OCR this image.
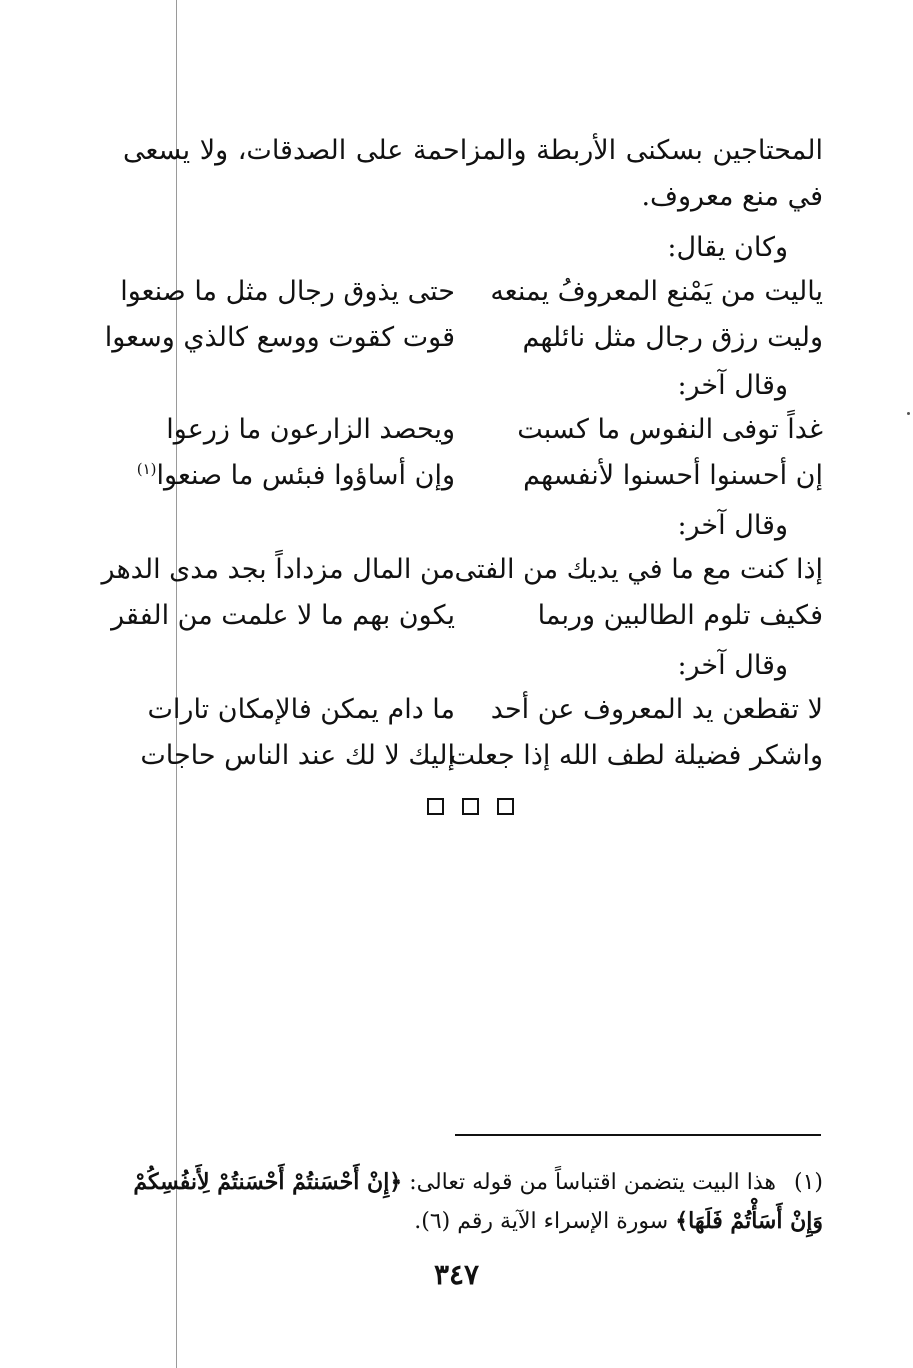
المحتاجين بسكنى الأربطة والمزاحمة على الصدقات، ولا يسعى في منع معروف.

وكان يقال:
ياليت من يَمْنع المعروفُ يمنعه
حتى يذوق رجال مثل ما صنعوا
وليت رزق رجال مثل نائلهم
قوت كقوت ووسع كالذي وسعوا
وقال آخر:
غداً توفى النفوس ما كسبت
ويحصد الزارعون ما زرعوا
إن أحسنوا أحسنوا لأنفسهم
وإن أساؤوا فبئس ما صنعوا$^{(١)}$
وقال آخر:
إذا كنت مع ما في يديك من الفتى
من المال مزداداً بجد مدى الدهر
فكيف تلوم الطالبين وربما
يكون بهم ما لا علمت من الفقر
وقال آخر:
لا تقطعن يد المعروف عن أحد
ما دام يمكن فالإمكان تارات
واشكر فضيلة لطف الله إذا جعلت
إليك لا لك عند الناس حاجات

(١)هذا البيت يتضمن اقتباساً من قوله تعالى: ﴿إِنْ أَحْسَنتُمْ أَحْسَنتُمْ لِأَنفُسِكُمْ وَإِنْ أَسَأْتُمْ فَلَهَا﴾ سورة الإسراء الآية رقم (٦).

٣٤٧
